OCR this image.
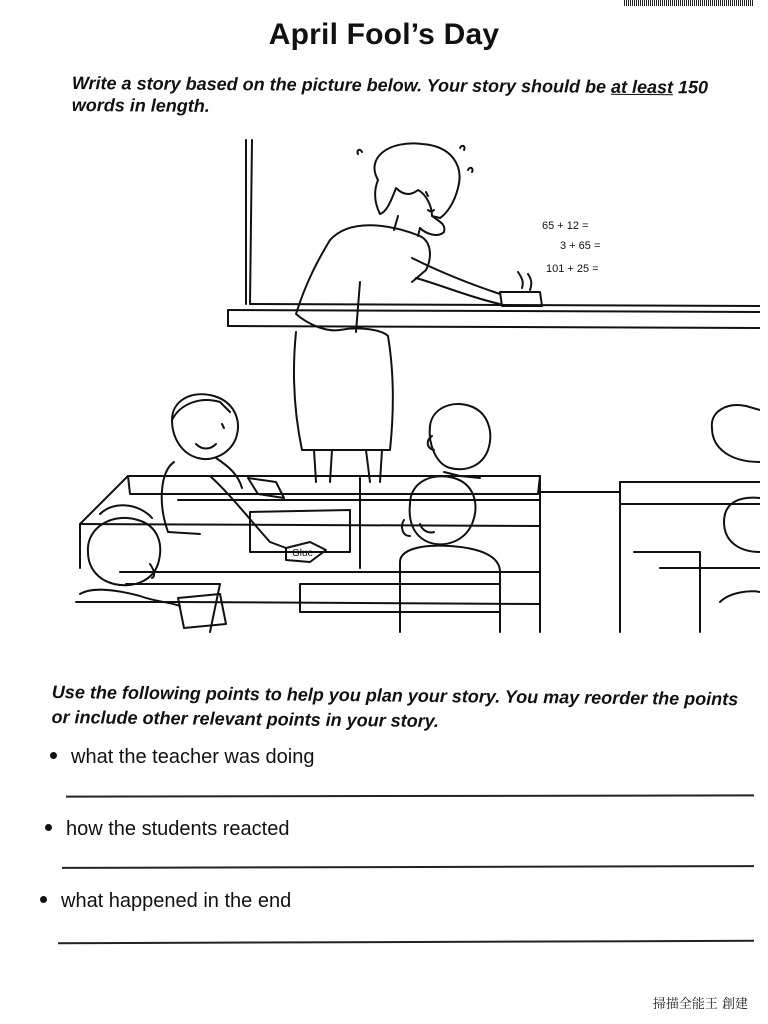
April Fool’s Day
Write a story based on the picture below. Your story should be at least 150 words in length.
65 + 12 =
3 + 65 =
101 + 25 =
Glue
Use the following points to help you plan your story. You may reorder the points or include other relevant points in your story.
what the teacher was doing
how the students reacted
what happened in the end
掃描全能王 創建
